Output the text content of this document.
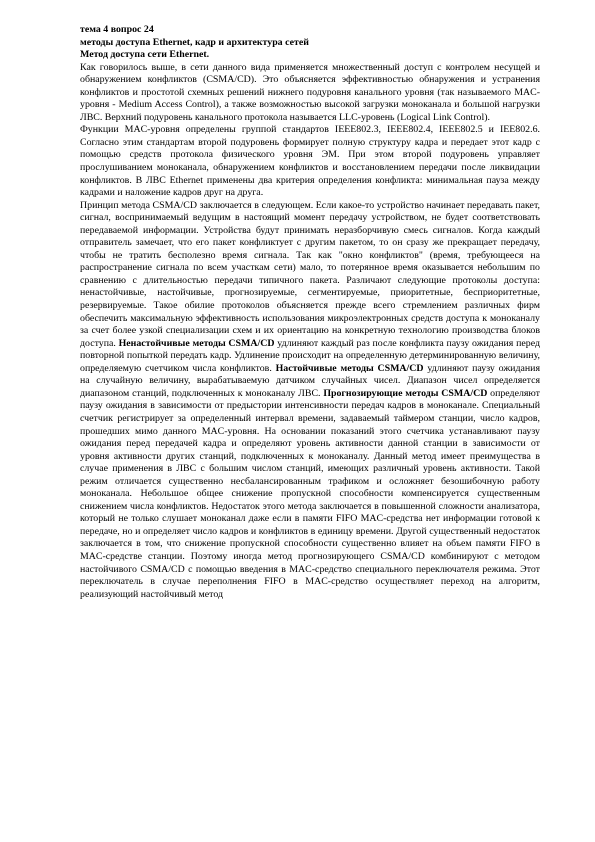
тема 4 вопрос 24

методы доступа Ethernet, кадр и архитектура сетей

Метод доступа сети Ethernet.

Как говорилось выше, в сети данного вида применяется множественный доступ с контролем несущей и обнаружением конфликтов (CSMA/CD). Это объясняется эффективностью обнаружения и устранения конфликтов и простотой схемных решений нижнего подуровня канального уровня (так называемого MAC-уровня - Medium Access Control), а также возможностью высокой загрузки моноканала и большой нагрузки ЛВС. Верхний подуровень канального протокола называется LLC-уровень (Logical Link Control).

Функции MAC-уровня определены группой стандартов IEEE802.3, IEEE802.4, IEEE802.5 и IEE802.6. Согласно этим стандартам второй подуровень формирует полную структуру кадра и передает этот кадр с помощью средств протокола физического уровня ЭМ. При этом второй подуровень управляет прослушиванием моноканала, обнаружением конфликтов и восстановлением передачи после ликвидации конфликтов. В ЛВС Ethernet применены два критерия определения конфликта: минимальная пауза между кадрами и наложение кадров друг на друга.

Принцип метода CSMA/CD заключается в следующем. Если какое-то устройство начинает передавать пакет, сигнал, воспринимаемый ведущим в настоящий момент передачу устройством, не будет соответствовать передаваемой информации. Устройства будут принимать неразборчивую смесь сигналов. Когда каждый отправитель замечает, что его пакет конфликтует с другим пакетом, то он сразу же прекращает передачу, чтобы не тратить бесполезно время сигнала. Так как "окно конфликтов" (время, требующееся на распространение сигнала по всем участкам сети) мало, то потерянное время оказывается небольшим по сравнению с длительностью передачи типичного пакета. Различают следующие протоколы доступа: ненастойчивые, настойчивые, прогнозируемые, сегментируемые, приоритетные, бесприоритетные, резервируемые. Такое обилие протоколов объясняется прежде всего стремлением различных фирм обеспечить максимальную эффективность использования микроэлектронных средств доступа к моноканалу за счет более узкой специализации схем и их ориентацию на конкретную технологию производства блоков доступа. Ненастойчивые методы CSMA/CD удлиняют каждый раз после конфликта паузу ожидания перед повторной попыткой передать кадр. Удлинение происходит на определенную детерминированную величину, определяемую счетчиком числа конфликтов. Настойчивые методы CSMA/CD удлиняют паузу ожидания на случайную величину, вырабатываемую датчиком случайных чисел. Диапазон чисел определяется диапазоном станций, подключенных к моноканалу ЛВС. Прогнозирующие методы CSMA/CD определяют паузу ожидания в зависимости от предыстории интенсивности передач кадров в моноканале. Специальный счетчик регистрирует за определенный интервал времени, задаваемый таймером станции, число кадров, прошедших мимо данного MAC-уровня. На основании показаний этого счетчика устанавливают паузу ожидания перед передачей кадра и определяют уровень активности данной станции в зависимости от уровня активности других станций, подключенных к моноканалу. Данный метод имеет преимущества в случае применения в ЛВС с большим числом станций, имеющих различный уровень активности. Такой режим отличается существенно несбалансированным трафиком и осложняет безошибочную работу моноканала. Небольшое общее снижение пропускной способности компенсируется существенным снижением числа конфликтов. Недостаток этого метода заключается в повышенной сложности анализатора, который не только слушает моноканал даже если в памяти FIFO MAC-средства нет информации готовой к передаче, но и определяет число кадров и конфликтов в единицу времени. Другой существенный недостаток заключается в том, что снижение пропускной способности существенно влияет на объем памяти FIFO в MAC-средстве станции. Поэтому иногда метод прогнозирующего CSMA/CD комбинируют с методом настойчивого CSMA/CD с помощью введения в MAC-средство специального переключателя режима. Этот переключатель в случае переполнения FIFO в MAC-средство осуществляет переход на алгоритм, реализующий настойчивый метод
